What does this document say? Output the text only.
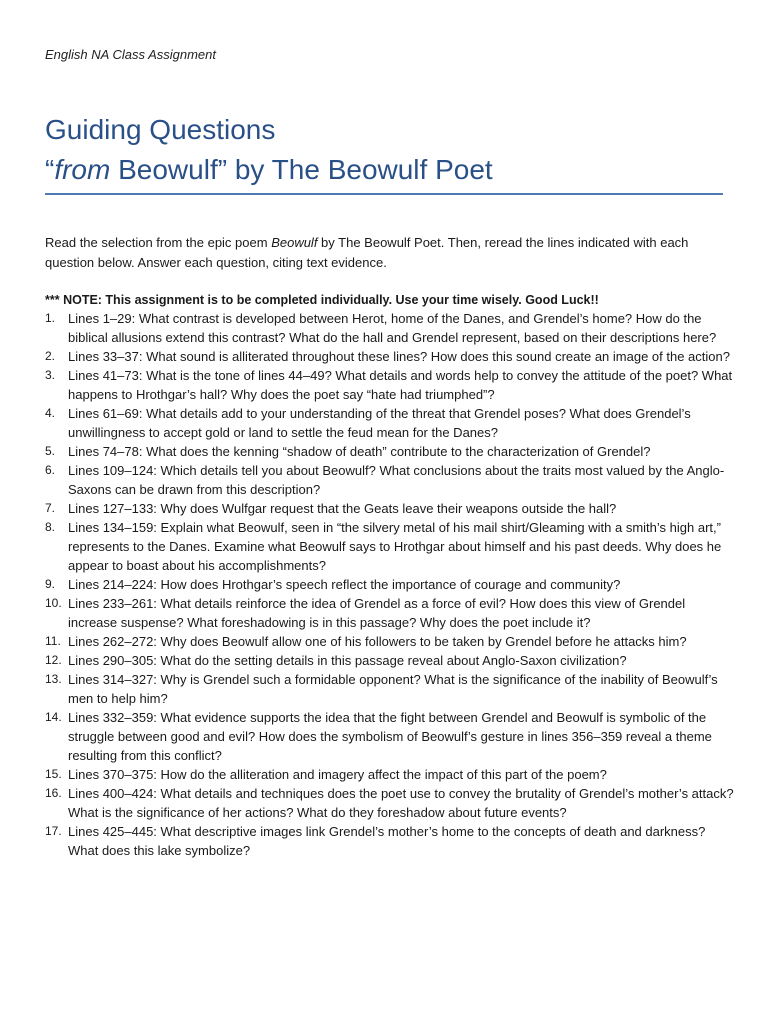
English NA Class Assignment
Guiding Questions
“from Beowulf” by The Beowulf Poet
Read the selection from the epic poem Beowulf by The Beowulf Poet. Then, reread the lines indicated with each question below. Answer each question, citing text evidence.
*** NOTE: This assignment is to be completed individually. Use your time wisely. Good Luck!!
1. Lines 1–29: What contrast is developed between Herot, home of the Danes, and Grendel’s home? How do the biblical allusions extend this contrast? What do the hall and Grendel represent, based on their descriptions here?
2. Lines 33–37: What sound is alliterated throughout these lines? How does this sound create an image of the action?
3. Lines 41–73: What is the tone of lines 44–49? What details and words help to convey the attitude of the poet? What happens to Hrothgar’s hall? Why does the poet say “hate had triumphed”?
4. Lines 61–69: What details add to your understanding of the threat that Grendel poses? What does Grendel’s unwillingness to accept gold or land to settle the feud mean for the Danes?
5. Lines 74–78: What does the kenning “shadow of death” contribute to the characterization of Grendel?
6. Lines 109–124: Which details tell you about Beowulf? What conclusions about the traits most valued by the Anglo-Saxons can be drawn from this description?
7. Lines 127–133: Why does Wulfgar request that the Geats leave their weapons outside the hall?
8. Lines 134–159: Explain what Beowulf, seen in “the silvery metal of his mail shirt/Gleaming with a smith’s high art,” represents to the Danes. Examine what Beowulf says to Hrothgar about himself and his past deeds. Why does he appear to boast about his accomplishments?
9. Lines 214–224: How does Hrothgar’s speech reflect the importance of courage and community?
10. Lines 233–261: What details reinforce the idea of Grendel as a force of evil? How does this view of Grendel increase suspense? What foreshadowing is in this passage? Why does the poet include it?
11. Lines 262–272: Why does Beowulf allow one of his followers to be taken by Grendel before he attacks him?
12. Lines 290–305: What do the setting details in this passage reveal about Anglo-Saxon civilization?
13. Lines 314–327: Why is Grendel such a formidable opponent? What is the significance of the inability of Beowulf’s men to help him?
14. Lines 332–359: What evidence supports the idea that the fight between Grendel and Beowulf is symbolic of the struggle between good and evil? How does the symbolism of Beowulf’s gesture in lines 356–359 reveal a theme resulting from this conflict?
15. Lines 370–375: How do the alliteration and imagery affect the impact of this part of the poem?
16. Lines 400–424: What details and techniques does the poet use to convey the brutality of Grendel’s mother’s attack? What is the significance of her actions? What do they foreshadow about future events?
17. Lines 425–445: What descriptive images link Grendel’s mother’s home to the concepts of death and darkness? What does this lake symbolize?
